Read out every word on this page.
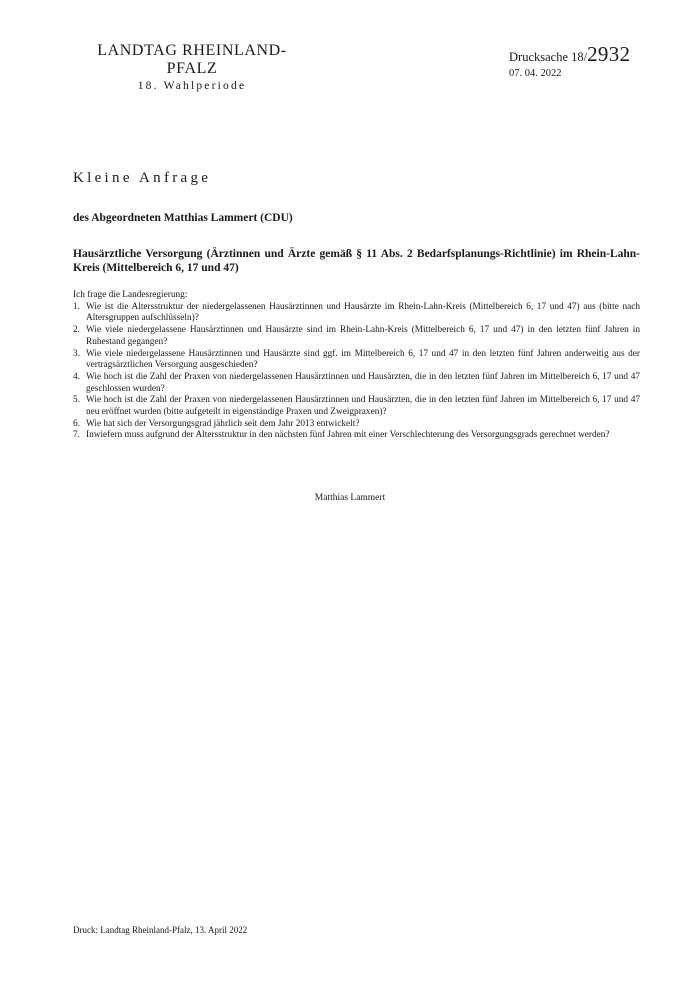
LANDTAG RHEINLAND-PFALZ
18. Wahlperiode
Drucksache 18/2932
07. 04. 2022
Kleine Anfrage
des Abgeordneten Matthias Lammert (CDU)
Hausärztliche Versorgung (Ärztinnen und Ärzte gemäß § 11 Abs. 2 Bedarfsplanungs-Richtlinie) im Rhein-Lahn-Kreis (Mittelbereich 6, 17 und 47)
Ich frage die Landesregierung:
1. Wie ist die Altersstruktur der niedergelassenen Hausärztinnen und Hausärzte im Rhein-Lahn-Kreis (Mittelbereich 6, 17 und 47) aus (bitte nach Altersgruppen aufschlüsseln)?
2. Wie viele niedergelassene Hausärztinnen und Hausärzte sind im Rhein-Lahn-Kreis (Mittelbereich 6, 17 und 47) in den letzten fünf Jahren in Ruhestand gegangen?
3. Wie viele niedergelassene Hausärztinnen und Hausärzte sind ggf. im Mittelbereich 6, 17 und 47 in den letzten fünf Jahren anderweitig aus der vertragsärztlichen Versorgung ausgeschieden?
4. Wie hoch ist die Zahl der Praxen von niedergelassenen Hausärztinnen und Hausärzten, die in den letzten fünf Jahren im Mittelbereich 6, 17 und 47 geschlossen wurden?
5. Wie hoch ist die Zahl der Praxen von niedergelassenen Hausärztinnen und Hausärzten, die in den letzten fünf Jahren im Mittelbereich 6, 17 und 47 neu eröffnet wurden (bitte aufgeteilt in eigenständige Praxen und Zweigpraxen)?
6. Wie hat sich der Versorgungsgrad jährlich seit dem Jahr 2013 entwickelt?
7. Inwiefern muss aufgrund der Altersstruktur in den nächsten fünf Jahren mit einer Verschlechterung des Versorgungsgrads gerechnet werden?
Matthias Lammert
Druck: Landtag Rheinland-Pfalz, 13. April 2022
